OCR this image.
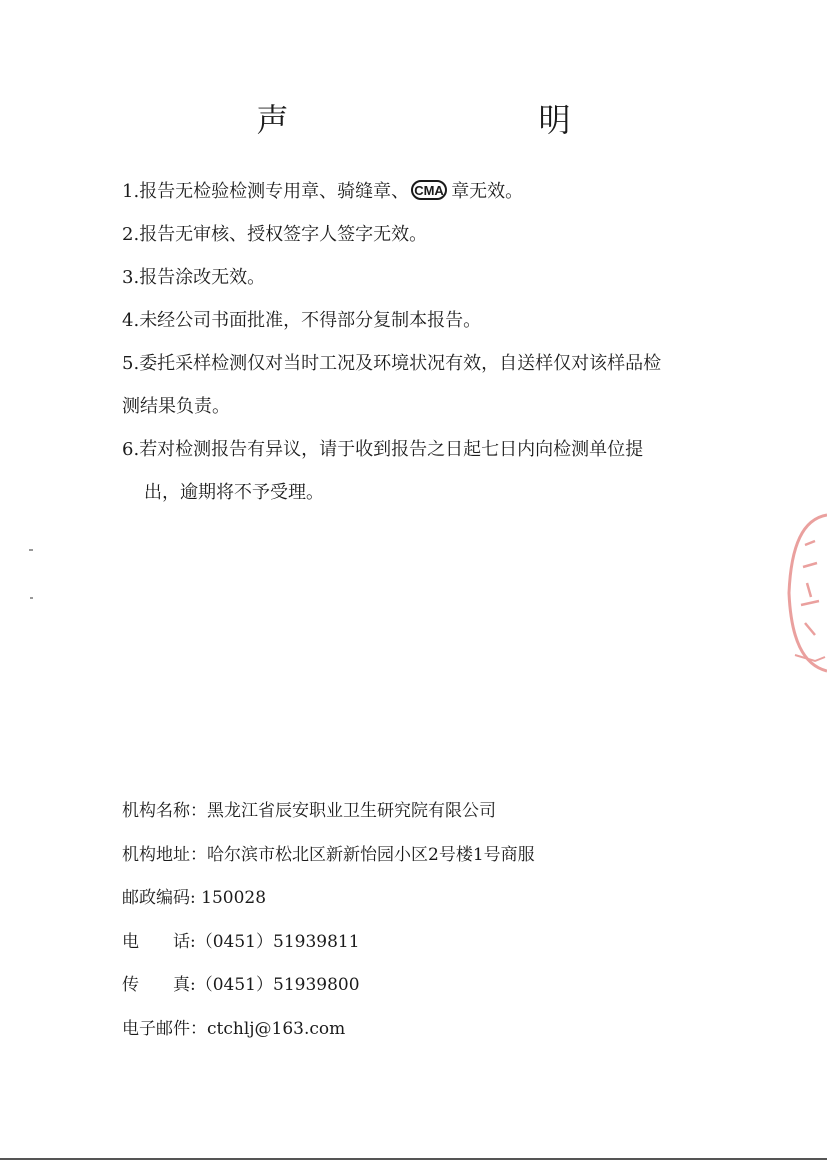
声　　明
1.报告无检验检测专用章、骑缝章、 CMA 章无效。
2.报告无审核、授权签字人签字无效。
3.报告涂改无效。
4.未经公司书面批准，不得部分复制本报告。
5.委托采样检测仅对当时工况及环境状况有效，自送样仅对该样品检
测结果负责。
6.若对检测报告有异议，请于收到报告之日起七日内向检测单位提
出，逾期将不予受理。
机构名称：黑龙江省辰安职业卫生研究院有限公司
机构地址：哈尔滨市松北区新新怡园小区2号楼1号商服
邮政编码: 150028
电话:（0451）51939811
传真:（0451）51939800
电子邮件：ctchlj@163.com
